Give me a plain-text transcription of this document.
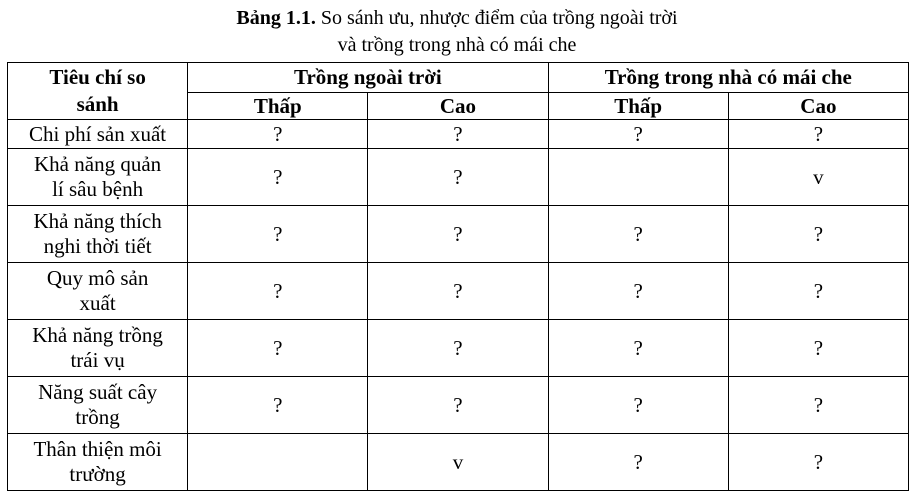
Bảng 1.1. So sánh ưu, nhược điểm của trồng ngoài trời
và trồng trong nhà có mái che
Tiêu chí so
sánh	Trồng ngoài trời		Trồng trong nhà có mái che	
	Thấp	Cao	Thấp	Cao
Chi phí sản xuất	?	?	?	?

Khả năng quản
lí sâu bệnh	?	?		v

Khả năng thích
nghi thời tiết	?	?	?	?

Quy mô sản
xuất	?	?	?	?

Khả năng trồng
trái vụ	?	?	?	?

Năng suất cây
trồng	?	?	?	?

Thân thiện môi
trường		v	?	?
